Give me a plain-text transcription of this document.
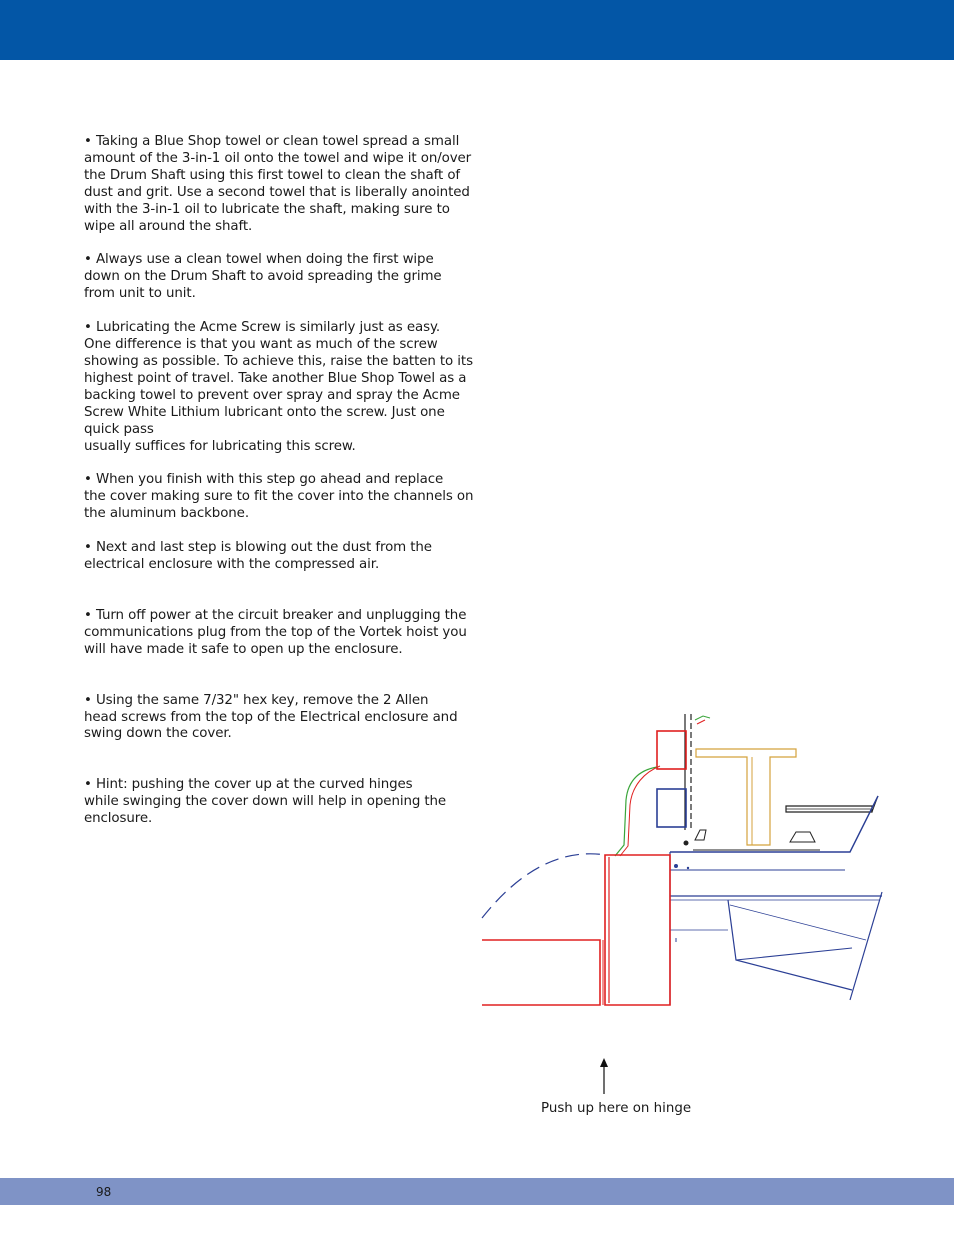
• Taking a Blue Shop towel or clean towel spread a small
amount of the 3-in-1 oil onto the towel and wipe it on/over
the Drum Shaft using this first towel to clean the shaft of
dust and grit. Use a second towel that is liberally anointed
with the 3-in-1 oil to lubricate the shaft, making sure to
wipe all around the shaft.

• Always use a clean towel when doing the first wipe
down on the Drum Shaft to avoid spreading the grime
from unit to unit.

• Lubricating the Acme Screw is similarly just as easy.
One difference is that you want as much of the screw
showing as possible. To achieve this, raise the batten to its
highest point of travel. Take another Blue Shop Towel as a
backing towel to prevent over spray and spray the Acme
Screw White Lithium lubricant onto the screw. Just one quick pass
usually suffices for lubricating this screw.

• When you finish with this step go ahead and replace
the cover making sure to fit the cover into the channels on
the aluminum backbone.

• Next and last step is blowing out the dust from the
electrical enclosure with the compressed air.

• Turn off power at the circuit breaker and unplugging the
communications plug from the top of the Vortek hoist you
will have made it safe to open up the enclosure.

• Using the same 7/32" hex key, remove the 2 Allen
head screws from the top of the Electrical enclosure and
swing down the cover.

• Hint: pushing the cover up at the curved hinges
while swinging the cover down will help in opening the
enclosure.

Push up here on hinge
98
